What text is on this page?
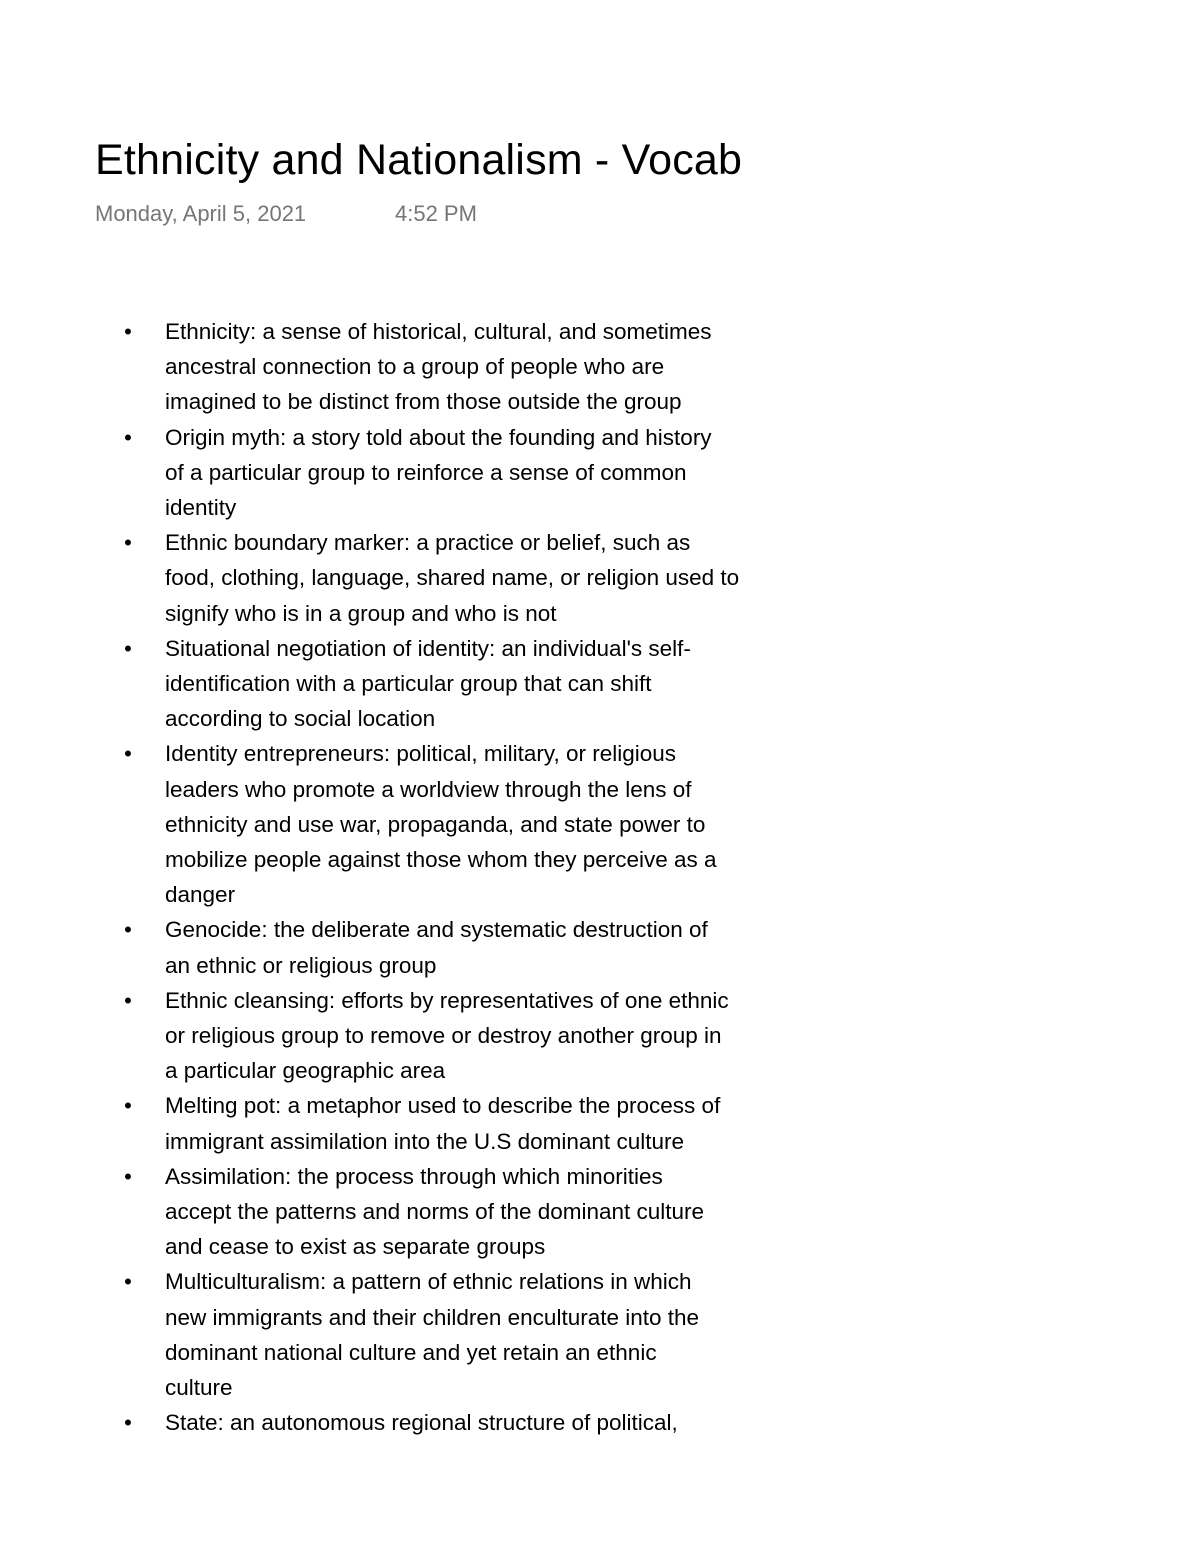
Ethnicity and Nationalism - Vocab
Monday, April 5, 2021	4:52 PM
• Ethnicity: a sense of historical, cultural, and sometimes
ancestral connection to a group of people who are
imagined to be distinct from those outside the group
• Origin myth: a story told about the founding and history
of a particular group to reinforce a sense of common
identity
• Ethnic boundary marker: a practice or belief, such as
food, clothing, language, shared name, or religion used to
signify who is in a group and who is not
• Situational negotiation of identity: an individual's self-
identification with a particular group that can shift
according to social location
• Identity entrepreneurs: political, military, or religious
leaders who promote a worldview through the lens of
ethnicity and use war, propaganda, and state power to
mobilize people against those whom they perceive as a
danger
• Genocide: the deliberate and systematic destruction of
an ethnic or religious group
• Ethnic cleansing: efforts by representatives of one ethnic
or religious group to remove or destroy another group in
a particular geographic area
• Melting pot: a metaphor used to describe the process of
immigrant assimilation into the U.S dominant culture
• Assimilation: the process through which minorities
accept the patterns and norms of the dominant culture
and cease to exist as separate groups
• Multiculturalism: a pattern of ethnic relations in which
new immigrants and their children enculturate into the
dominant national culture and yet retain an ethnic
culture
• State: an autonomous regional structure of political,
